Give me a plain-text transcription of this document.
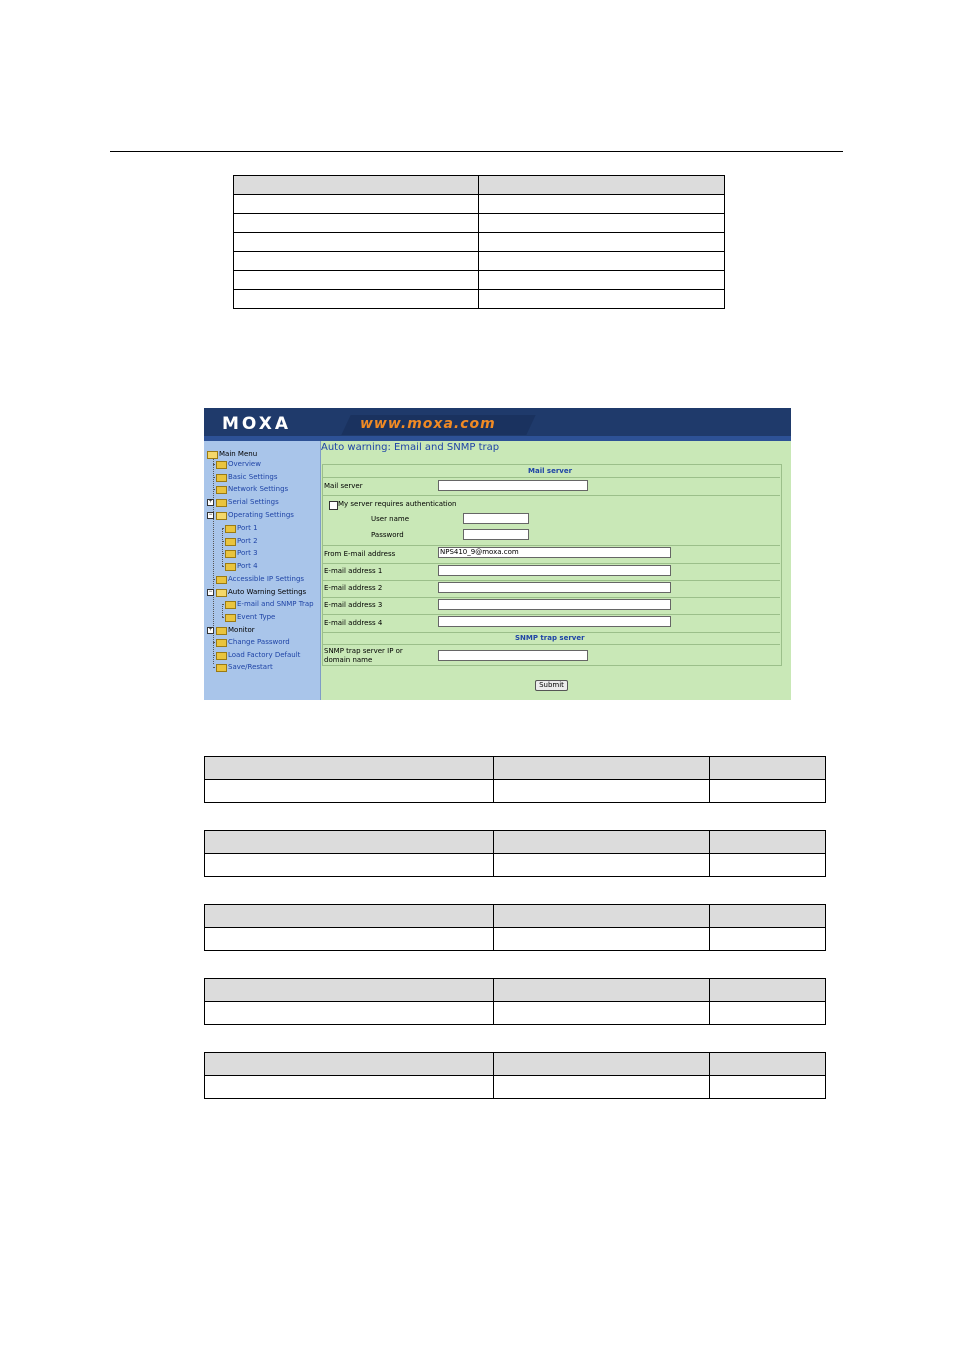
MOXA	www.moxa.com
Main Menu
Overview
Basic Settings
Network Settings
+ Serial Settings
− Operating Settings
Port 1
Port 2
Port 3
Port 4
Accessible IP Settings
− Auto Warning Settings
E-mail and SNMP Trap
Event Type
+ Monitor
Change Password
Load Factory Default
Save/Restart
Auto warning: Email and SNMP trap
Mail server
Mail server
My server requires authentication
User name
Password
From E-mail address	NPS410_9@moxa.com
E-mail address 1
E-mail address 2
E-mail address 3
E-mail address 4
SNMP trap server
SNMP trap server IP or
domain name
Submit
